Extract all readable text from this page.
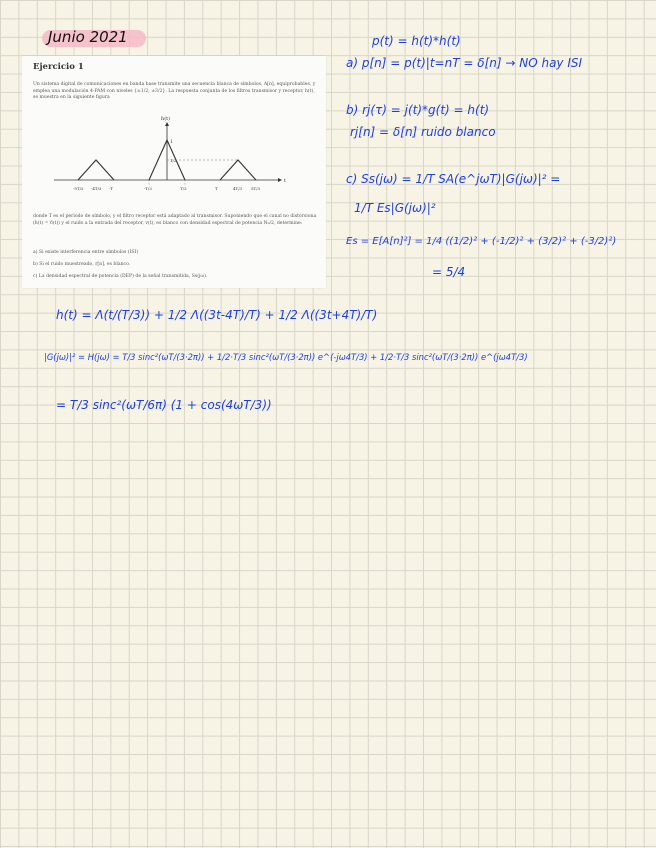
Junio 2021
Ejercicio 1
Un sistema digital de comunicaciones en banda base transmite una secuencia blanca de símbolos, A[n], equiprobables, y emplea una modulación 4-PAM con niveles {±1/2, ±3/2}. La respuesta conjunta de los filtros transmisor y receptor, h(t), se muestra en la siguiente figura
h(t)
t
1
1/2
-5T/3 -4T/3 -T	-T/3	T/3	T	4T/3 5T/3
donde T es el periodo de símbolo, y el filtro receptor está adaptado al transmisor. Suponiendo que el canal no distorsiona (h(t) = δ(t)) y el ruido a la entrada del receptor, v(t), es blanco con densidad espectral de potencia N₀/2, determine:
a) Si existe interferencia entre símbolos (ISI)
b) Si el ruido muestreado, r[n], es blanco.
c) La densidad espectral de potencia (DEP) de la señal transmitida, Ss(jω).
p(t) = h(t)*h(t)
a) p[n] = p(t)|t=nT = δ[n] → NO hay ISI
b) rj(τ) = j(t)*g(t) = h(t)
rj[n] = δ[n] ruido blanco
c) Ss(jω) = 1/T SA(e^jωT)|G(jω)|² =
1/T Es|G(jω)|²
Es = E[A[n]²] = 1/4 ((1/2)² + (-1/2)² + (3/2)² + (-3/2)²)
= 5/4
h(t) = Λ(t/(T/3)) + 1/2 Λ((3t-4T)/T) + 1/2 Λ((3t+4T)/T)
|G(jω)|² = H(jω) = T/3 sinc²(ωT/(3·2π)) + 1/2·T/3 sinc²(ωT/(3·2π)) e^(-jω4T/3) + 1/2·T/3 sinc²(ωT/(3·2π)) e^(jω4T/3)
= T/3 sinc²(ωT/6π) (1 + cos(4ωT/3))
